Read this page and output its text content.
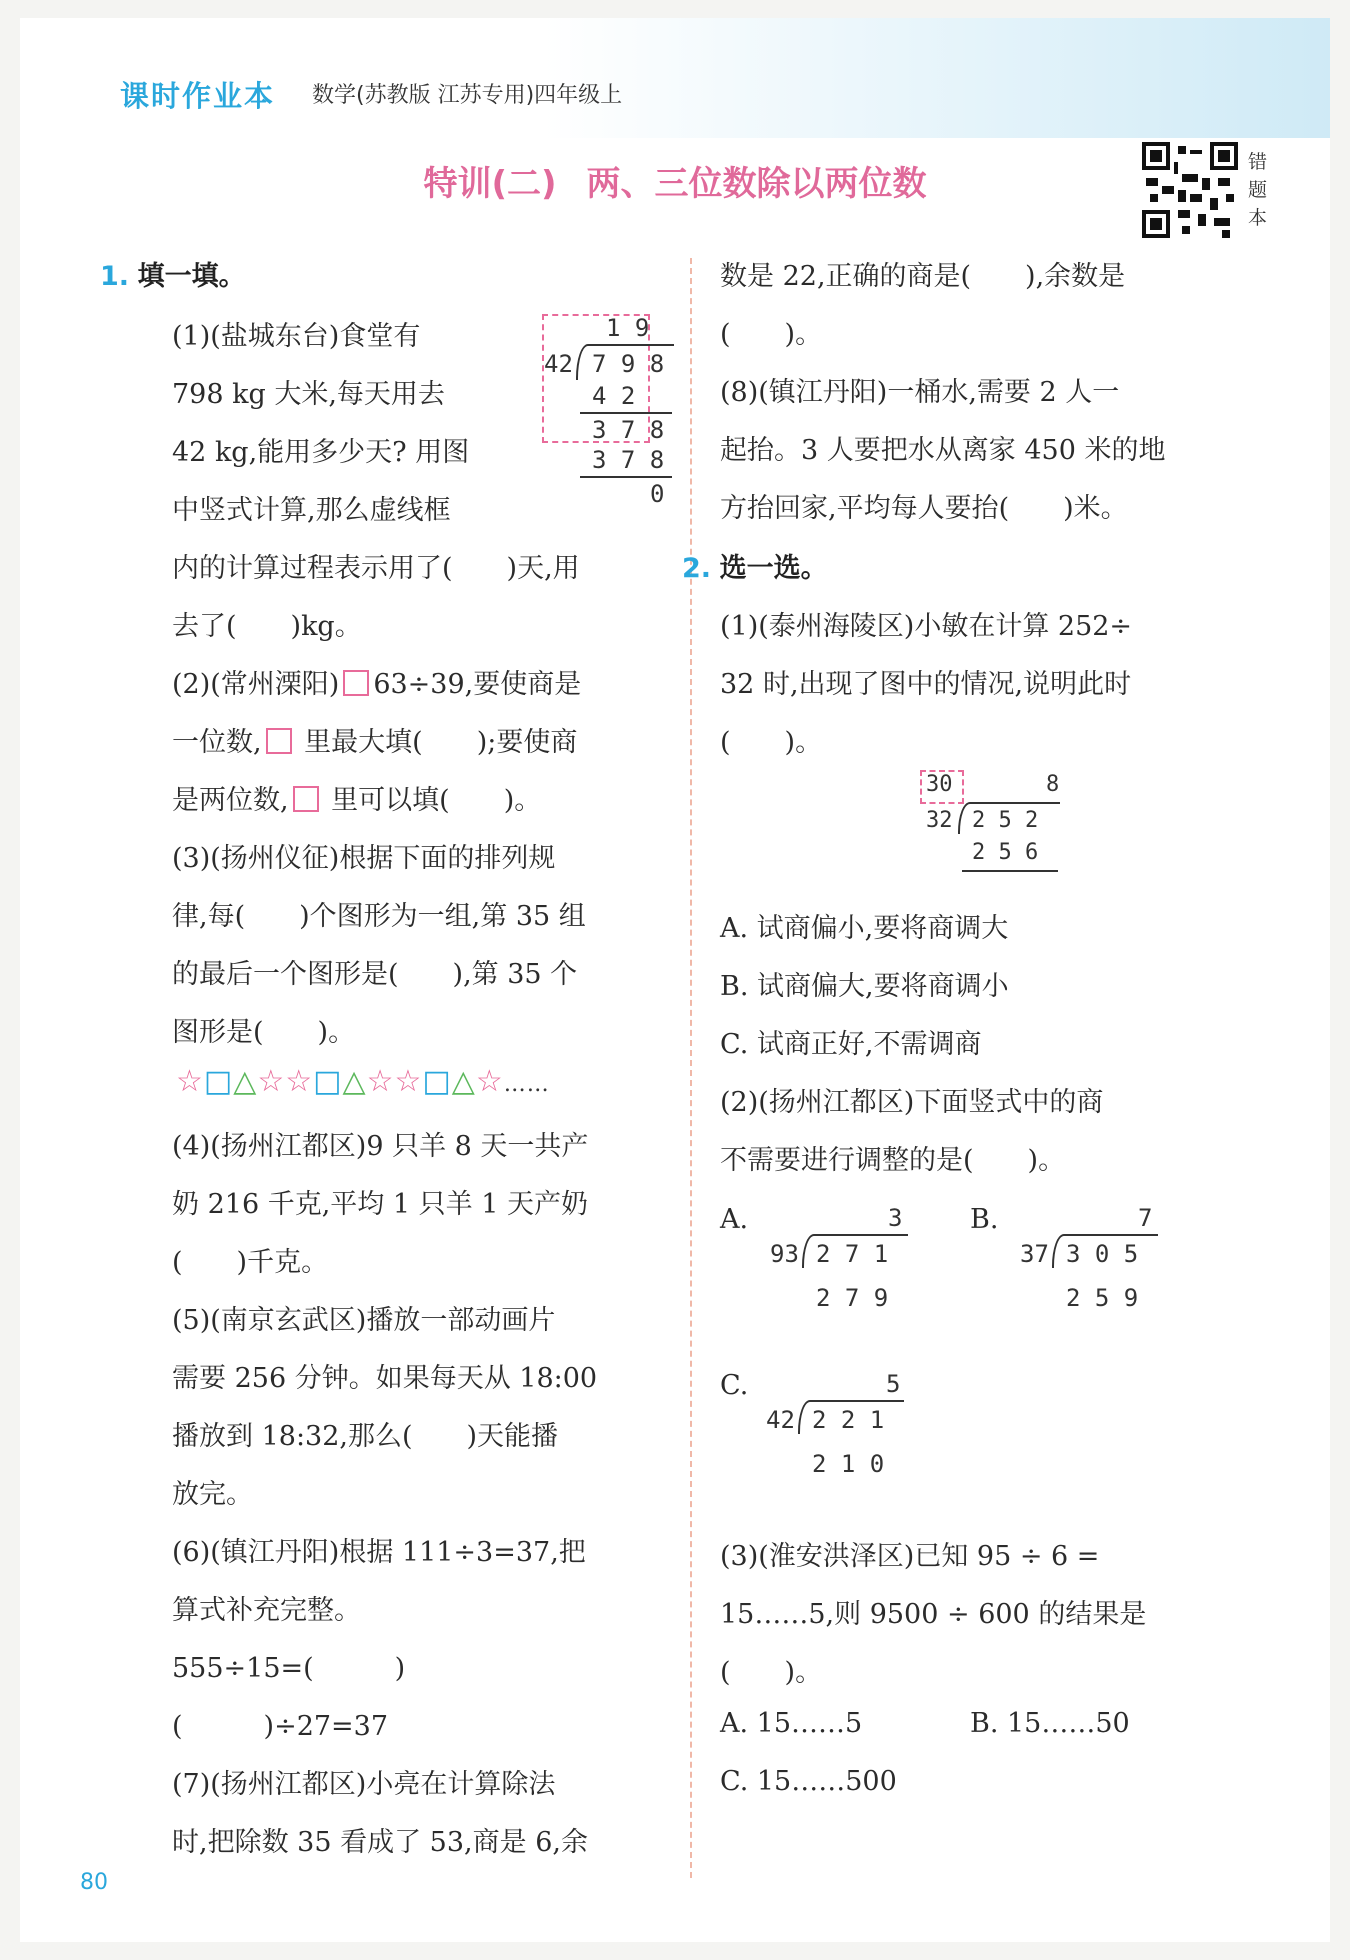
课时作业本 数学(苏教版 江苏专用)四年级上
特训(二) 两、三位数除以两位数
错题本
1. 填一填。
(1)(盐城东台)食堂有
798 kg 大米,每天用去
42 kg,能用多少天? 用图
中竖式计算,那么虚线框
内的计算过程表示用了(　　)天,用
去了(　　)kg。
1 9
42 7 9 8
4 2
3 7 8
3 7 8
0
(2)(常州溧阳) 63÷39,要使商是
一位数, 里最大填(　　);要使商
是两位数, 里可以填(　　)。
(3)(扬州仪征)根据下面的排列规
律,每(　　)个图形为一组,第 35 组
的最后一个图形是(　　),第 35 个
图形是(　　)。
☆□△☆☆□△☆☆□△☆……
(4)(扬州江都区)9 只羊 8 天一共产
奶 216 千克,平均 1 只羊 1 天产奶
(　　)千克。
(5)(南京玄武区)播放一部动画片
需要 256 分钟。如果每天从 18:00
播放到 18:32,那么(　　)天能播
放完。
(6)(镇江丹阳)根据 111÷3=37,把
算式补充完整。
555÷15=(　　　)
(　　　)÷27=37
(7)(扬州江都区)小亮在计算除法
时,把除数 35 看成了 53,商是 6,余
数是 22,正确的商是(　　),余数是
(　　)。
(8)(镇江丹阳)一桶水,需要 2 人一
起抬。3 人要把水从离家 450 米的地
方抬回家,平均每人要抬(　　)米。
2. 选一选。
(1)(泰州海陵区)小敏在计算 252÷
32 时,出现了图中的情况,说明此时
(　　)。
30	8
32 2 5 2
2 5 6
A. 试商偏小,要将商调大
B. 试商偏大,要将商调小
C. 试商正好,不需调商
(2)(扬州江都区)下面竖式中的商
不需要进行调整的是(　　)。
A.	3
93 2 7 1
2 7 9
B.	7
37 3 0 5
2 5 9
C.	5
42 2 2 1
2 1 0
(3)(淮安洪泽区)已知 95 ÷ 6 =
15……5,则 9500 ÷ 600 的结果是
(　　)。
A. 15……5	B. 15……50
C. 15……500
80
